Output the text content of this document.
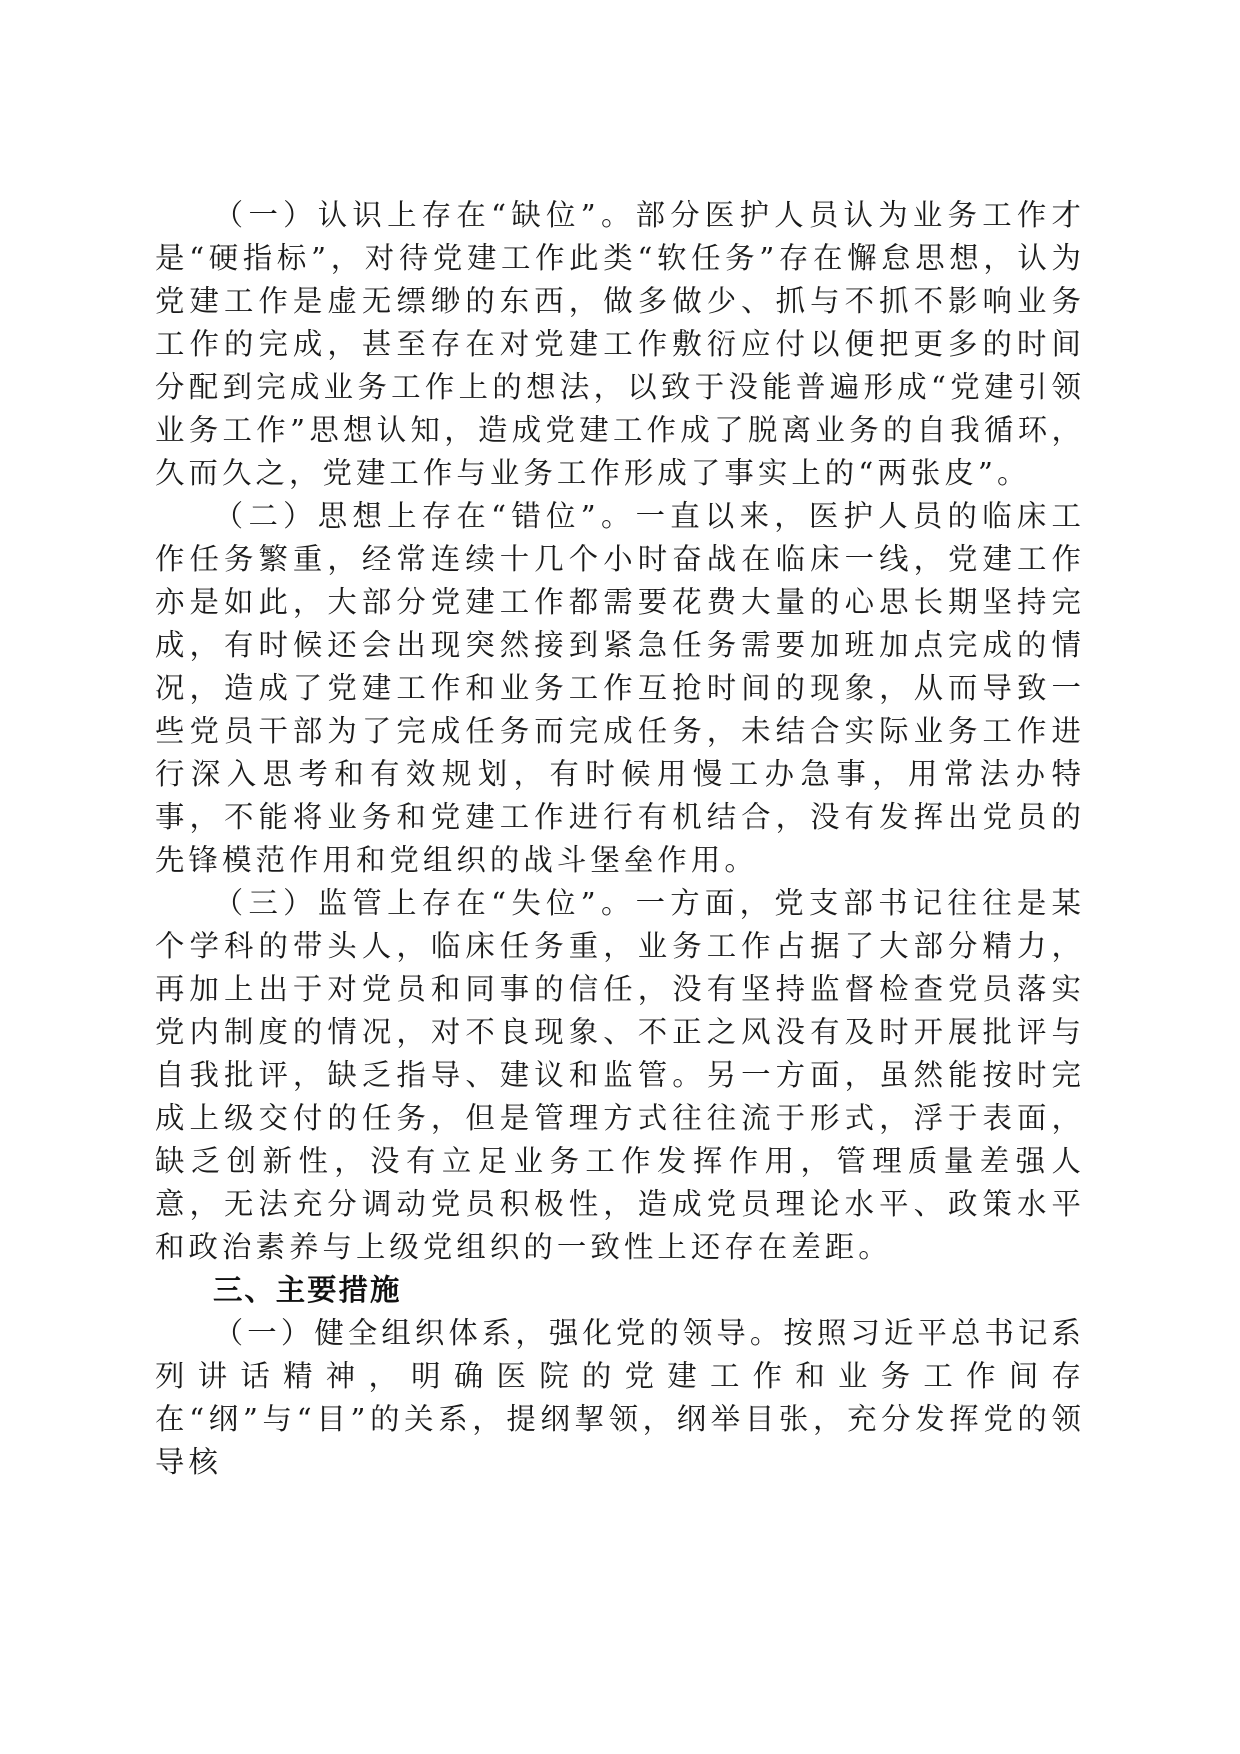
（一）认识上存在“缺位”。部分医护人员认为业务工作才是“硬指标”，对待党建工作此类“软任务”存在懈怠思想，认为党建工作是虚无缥缈的东西，做多做少、抓与不抓不影响业务工作的完成，甚至存在对党建工作敷衍应付以便把更多的时间分配到完成业务工作上的想法，以致于没能普遍形成“党建引领业务工作”思想认知，造成党建工作成了脱离业务的自我循环，久而久之，党建工作与业务工作形成了事实上的“两张皮”。

（二）思想上存在“错位”。一直以来，医护人员的临床工作任务繁重，经常连续十几个小时奋战在临床一线，党建工作亦是如此，大部分党建工作都需要花费大量的心思长期坚持完成，有时候还会出现突然接到紧急任务需要加班加点完成的情况，造成了党建工作和业务工作互抢时间的现象，从而导致一些党员干部为了完成任务而完成任务，未结合实际业务工作进行深入思考和有效规划，有时候用慢工办急事，用常法办特事，不能将业务和党建工作进行有机结合，没有发挥出党员的先锋模范作用和党组织的战斗堡垒作用。

（三）监管上存在“失位”。一方面，党支部书记往往是某个学科的带头人，临床任务重，业务工作占据了大部分精力，再加上出于对党员和同事的信任，没有坚持监督检查党员落实党内制度的情况，对不良现象、不正之风没有及时开展批评与自我批评，缺乏指导、建议和监管。另一方面，虽然能按时完成上级交付的任务，但是管理方式往往流于形式，浮于表面，缺乏创新性，没有立足业务工作发挥作用，管理质量差强人意，无法充分调动党员积极性，造成党员理论水平、政策水平和政治素养与上级党组织的一致性上还存在差距。

三、主要措施

（一）健全组织体系，强化党的领导。按照习近平总书记系列讲话精神，明确医院的党建工作和业务工作间存在“纲”与“目”的关系，提纲挈领，纲举目张，充分发挥党的领导核
